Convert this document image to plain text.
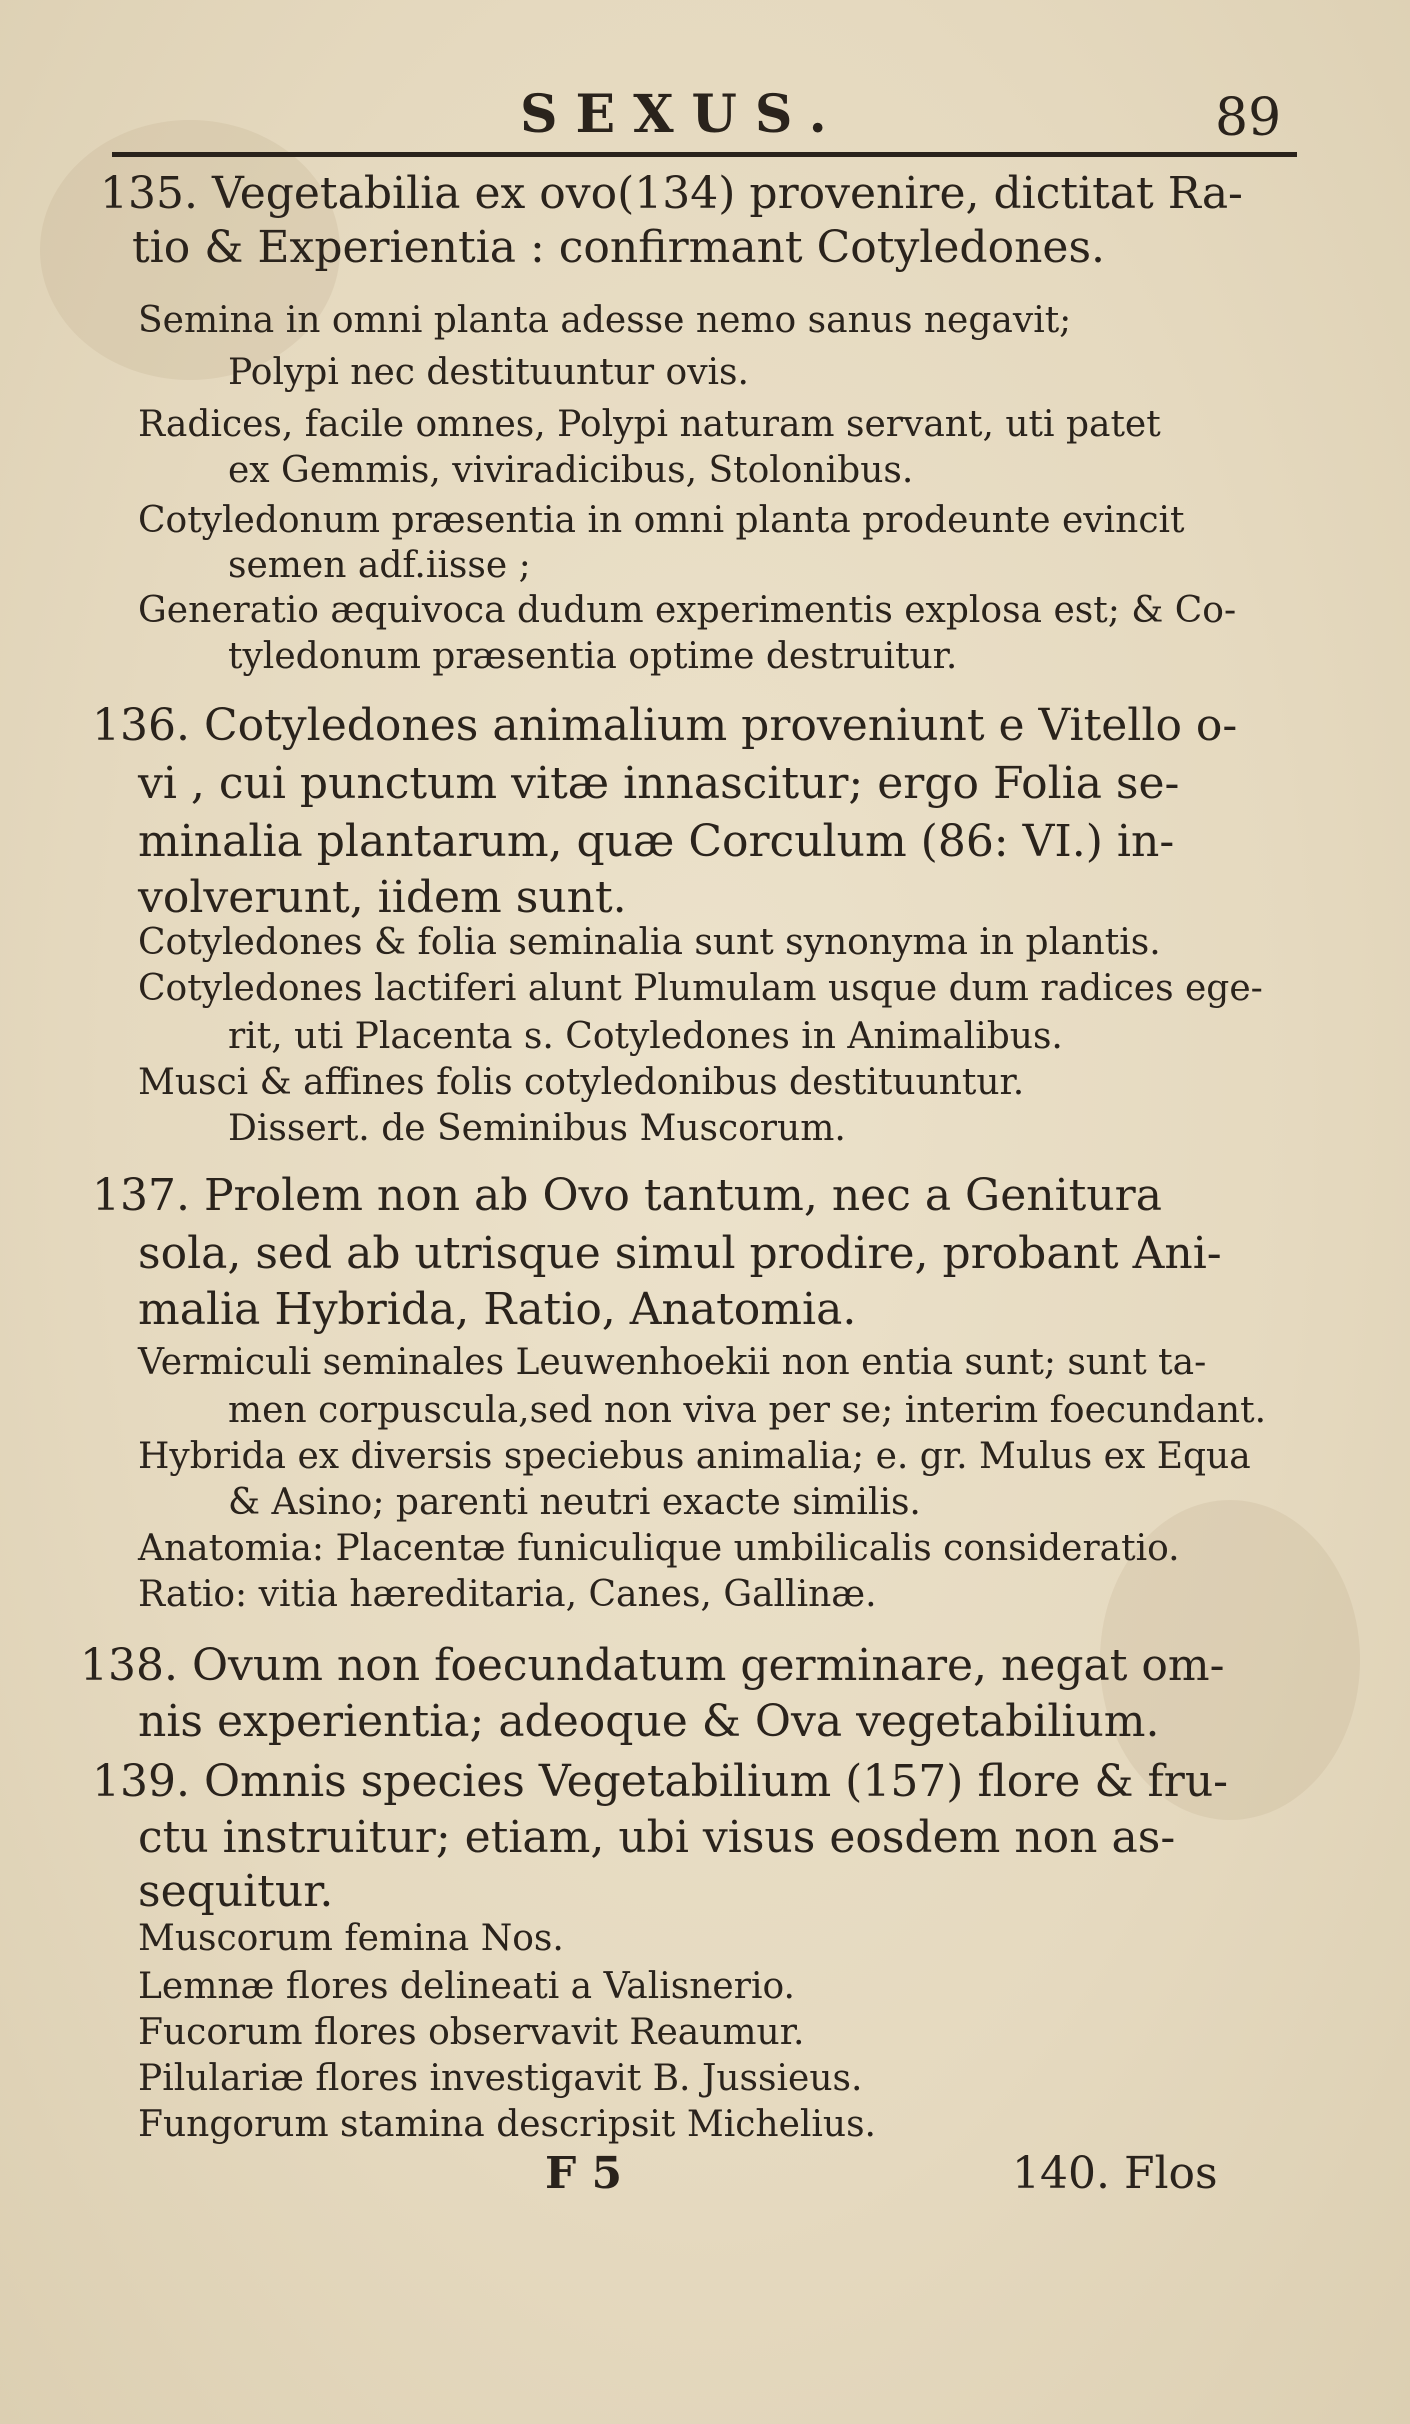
SEXUS.	89
135. Vegetabilia ex ovo(134) provenire, dictitat Ra-
tio & Experientia : confirmant Cotyledones.
Semina in omni planta adesse nemo sanus negavit;
Polypi nec destituuntur ovis.
Radices, facile omnes, Polypi naturam servant, uti patet
ex Gemmis, viviradicibus, Stolonibus.
Cotyledonum præsentia in omni planta prodeunte evincit
semen adf.iisse ;
Generatio æquivoca dudum experimentis explosa est; & Co-
tyledonum præsentia optime destruitur.
136. Cotyledones animalium proveniunt e Vitello o-
vi , cui punctum vitæ innascitur; ergo Folia se-
minalia plantarum, quæ Corculum (86: VI.) in-
volverunt, iidem sunt.
Cotyledones & folia seminalia sunt synonyma in plantis.
Cotyledones lactiferi alunt Plumulam usque dum radices ege-
rit, uti Placenta s. Cotyledones in Animalibus.
Musci & affines folis cotyledonibus destituuntur.
Dissert. de Seminibus Muscorum.
137. Prolem non ab Ovo tantum, nec a Genitura
sola, sed ab utrisque simul prodire, probant Ani-
malia Hybrida, Ratio, Anatomia.
Vermiculi seminales Leuwenhoekii non entia sunt; sunt ta-
men corpuscula,sed non viva per se; interim foecundant.
Hybrida ex diversis speciebus animalia; e. gr. Mulus ex Equa
& Asino; parenti neutri exacte similis.
Anatomia: Placentæ funiculique umbilicalis consideratio.
Ratio: vitia hæreditaria, Canes, Gallinæ.
138. Ovum non foecundatum germinare, negat om-
nis experientia; adeoque & Ova vegetabilium.
139. Omnis species Vegetabilium (157) flore & fru-
ctu instruitur; etiam, ubi visus eosdem non as-
sequitur.
Muscorum femina Nos.
Lemnæ flores delineati a Valisnerio.
Fucorum flores observavit Reaumur.
Pilulariæ flores investigavit B. Jussieus.
Fungorum stamina descripsit Michelius.
F 5	140. Flos
